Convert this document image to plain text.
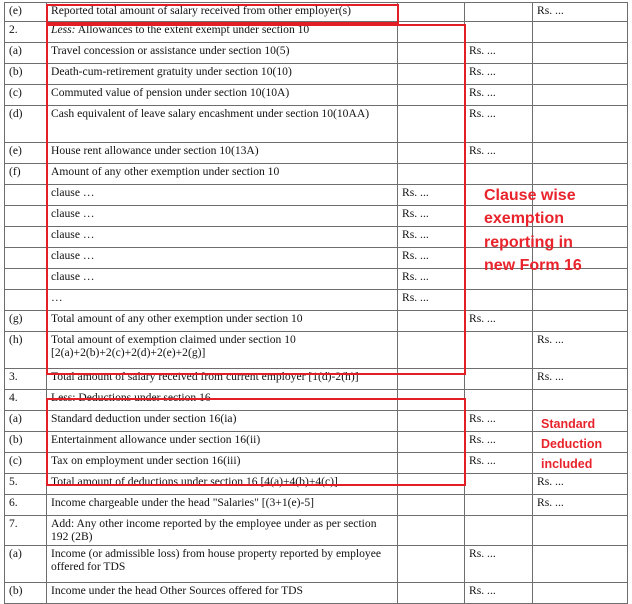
(e)	Reported total amount of salary received from other employer(s)			Rs. ...
2.	Less: Allowances to the extent exempt under section 10			
(a)	Travel concession or assistance under section 10(5)		Rs. ...	
(b)	Death-cum-retirement gratuity under section 10(10)		Rs. ...	
(c)	Commuted value of pension under section 10(10A)		Rs. ...	
(d)	Cash equivalent of leave salary encashment under section 10(10AA)		Rs. ...	
(e)	House rent allowance under section 10(13A)		Rs. ...	
(f)	Amount of any other exemption under section 10			
	clause …	Rs. ...		
	clause …	Rs. ...		
	clause …	Rs. ...		
	clause …	Rs. ...		
	clause …	Rs. ...		
	…	Rs. ...		
(g)	Total amount of any other exemption under section 10		Rs. ...	
(h)	Total amount of exemption claimed under section 10 [2(a)+2(b)+2(c)+2(d)+2(e)+2(g)]			Rs. ...
3.	Total amount of salary received from current employer [1(d)-2(h)]			Rs. ...
4.	Less: Deductions under section 16			
(a)	Standard deduction under section 16(ia)		Rs. ...	
(b)	Entertainment allowance under section 16(ii)		Rs. ...	
(c)	Tax on employment under section 16(iii)		Rs. ...	
5.	Total amount of deductions under section 16 [4(a)+4(b)+4(c)]			Rs. ...
6.	Income chargeable under the head "Salaries" [(3+1(e)-5]			Rs. ...
7.	Add: Any other income reported by the employee under as per section 192 (2B)			
(a)	Income (or admissible loss) from house property reported by employee offered for TDS		Rs. ...	
(b)	Income under the head Other Sources offered for TDS		Rs. ...	
Clause wise
exemption
reporting in
new Form 16
Standard
Deduction
included
